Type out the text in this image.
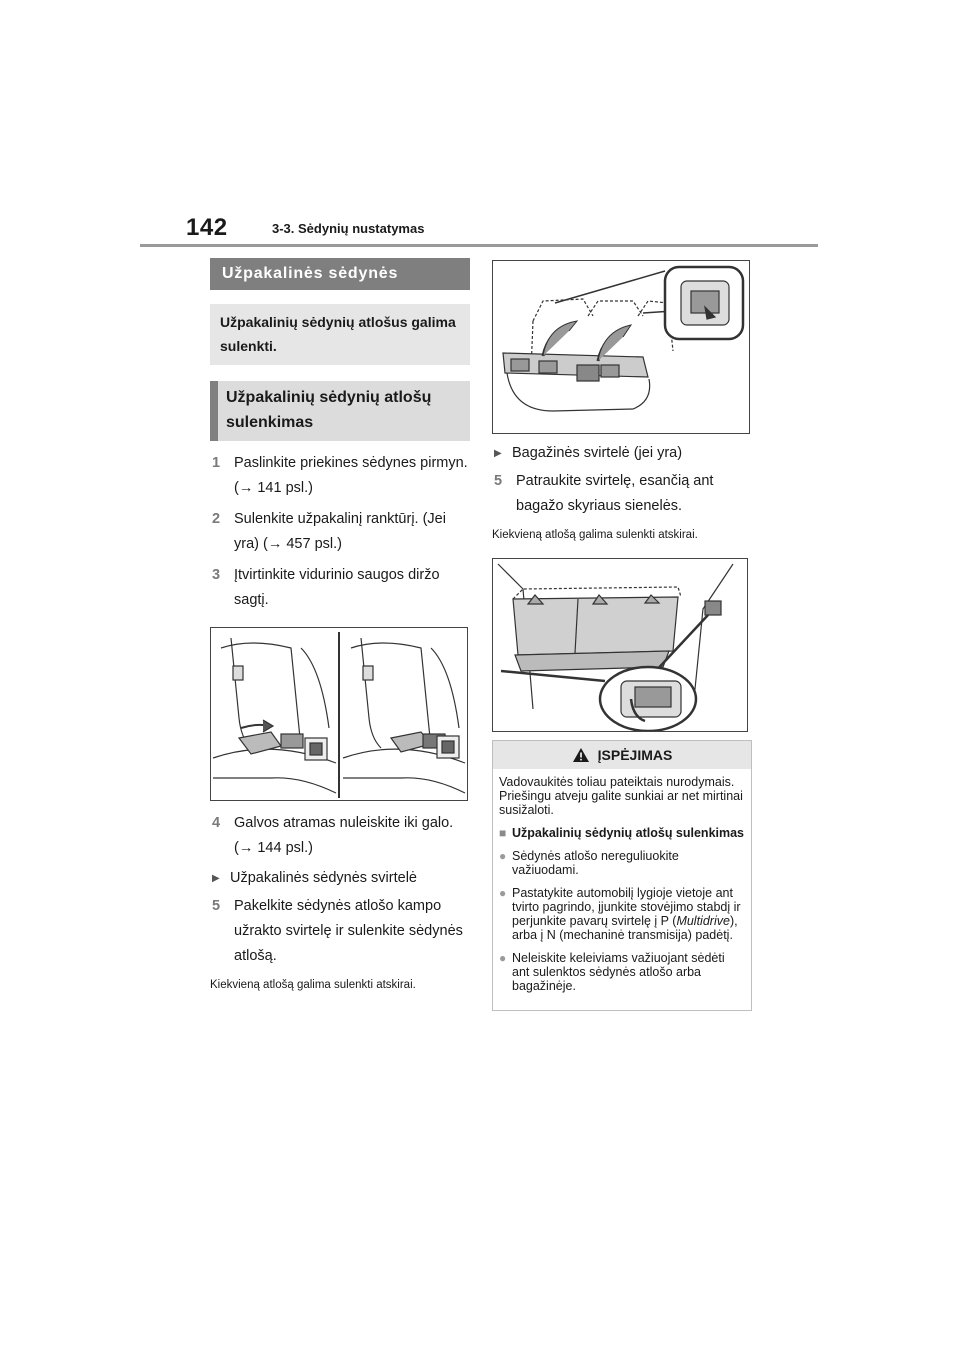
142	3-3. Sėdynių nustatymas
Užpakalinės sėdynės
Užpakalinių sėdynių atlošus galima sulenkti.
Užpakalinių sėdynių atlošų sulenkimas
1 Paslinkite priekines sėdynes pirmyn. (→ 141 psl.)
2 Sulenkite užpakalinį ranktūrį. (Jei yra) (→ 457 psl.)
3 Įtvirtinkite vidurinio saugos diržo sagtį.
4 Galvos atramas nuleiskite iki galo. (→ 144 psl.)
▶ Užpakalinės sėdynės svirtelė
5 Pakelkite sėdynės atlošo kampo užrakto svirtelę ir sulenkite sėdynės atlošą.
Kiekvieną atlošą galima sulenkti atskirai.
▶ Bagažinės svirtelė (jei yra)
5 Patraukite svirtelę, esančią ant bagažo skyriaus sienelės.
Kiekvieną atlošą galima sulenkti atskirai.
ĮSPĖJIMAS
Vadovaukitės toliau pateiktais nurodymais. Priešingu atveju galite sunkiai ar net mirtinai susižaloti.
■ Užpakalinių sėdynių atlošų sulenkimas
● Sėdynės atlošo nereguliuokite važiuodami.
● Pastatykite automobilį lygioje vietoje ant tvirto pagrindo, įjunkite stovėjimo stabdį ir perjunkite pavarų svirtelę į P (Multidrive), arba į N (mechaninė transmisija) padėtį.
● Neleiskite keleiviams važiuojant sėdėti ant sulenktos sėdynės atlošo arba bagažinėje.
